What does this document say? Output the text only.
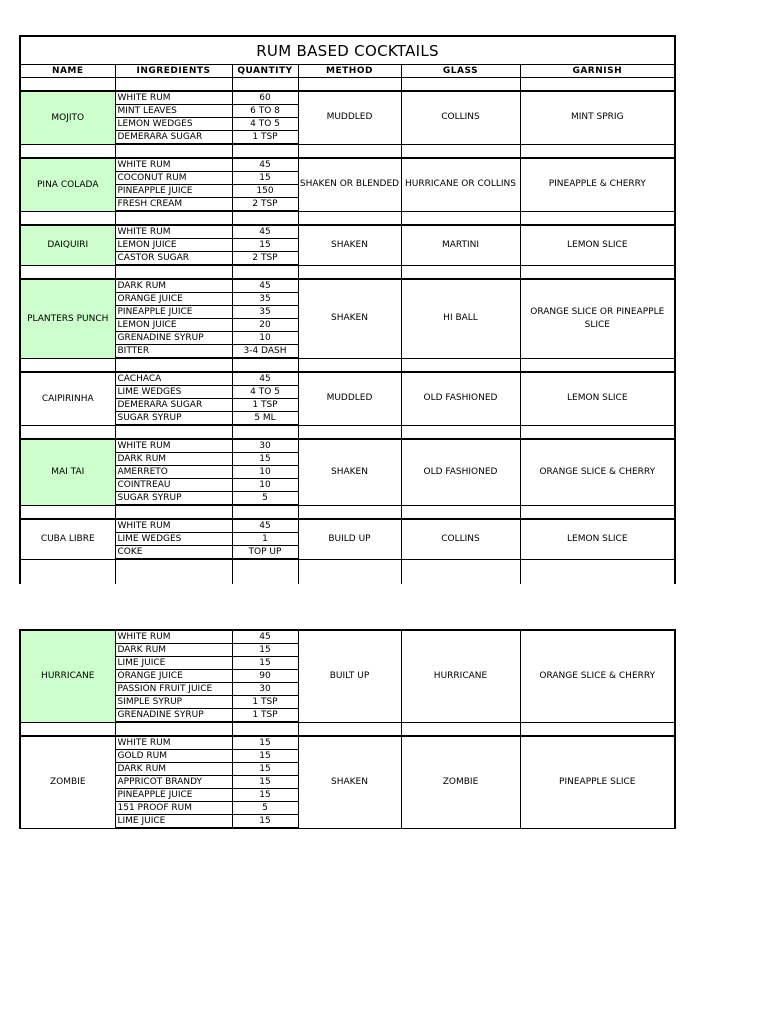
RUM BASED COCKTAILS					
NAME	INGREDIENTS	QUANTITY	METHOD	GLASS	GARNISH

MOJITO	WHITE RUM	60	MUDDLED	COLLINS	MINT SPRIG
	MINT LEAVES	6 TO 8			
	LEMON WEDGES	4 TO 5			
	DEMERARA SUGAR	1 TSP			

PINA COLADA	WHITE RUM	45	SHAKEN OR BLENDED	HURRICANE OR COLLINS	PINEAPPLE & CHERRY
	COCONUT RUM	15			
	PINEAPPLE JUICE	150			
	FRESH CREAM	2 TSP			

DAIQUIRI	WHITE RUM	45	SHAKEN	MARTINI	LEMON SLICE
	LEMON JUICE	15			
	CASTOR SUGAR	2 TSP			

PLANTERS PUNCH	DARK RUM	45	SHAKEN	HI BALL	ORANGE SLICE OR PINEAPPLE SLICE
	ORANGE JUICE	35			
	PINEAPPLE JUICE	35			
	LEMON JUICE	20			
	GRENADINE SYRUP	10			
	BITTER	3-4 DASH			

CAIPIRINHA	CACHACA	45	MUDDLED	OLD FASHIONED	LEMON SLICE
	LIME WEDGES	4 TO 5			
	DEMERARA SUGAR	1 TSP			
	SUGAR SYRUP	5 ML			

MAI TAI	WHITE RUM	30	SHAKEN	OLD FASHIONED	ORANGE SLICE & CHERRY
	DARK RUM	15			
	AMERRETO	10			
	COINTREAU	10			
	SUGAR SYRUP	5			

CUBA LIBRE	WHITE RUM	45	BUILD UP	COLLINS	LEMON SLICE
	LIME WEDGES	1			
	COKE	TOP UP			

HURRICANE	WHITE RUM	45	BUILT UP	HURRICANE	ORANGE SLICE & CHERRY
	DARK RUM	15			
	LIME JUICE	15			
	ORANGE JUICE	90			
	PASSION FRUIT JUICE	30			
	SIMPLE SYRUP	1 TSP			
	GRENADINE SYRUP	1 TSP			

ZOMBIE	WHITE RUM	15	SHAKEN	ZOMBIE	PINEAPPLE SLICE
	GOLD RUM	15			
	DARK RUM	15			
	APPRICOT BRANDY	15			
	PINEAPPLE JUICE	15			
	151 PROOF RUM	5			
	LIME JUICE	15			
